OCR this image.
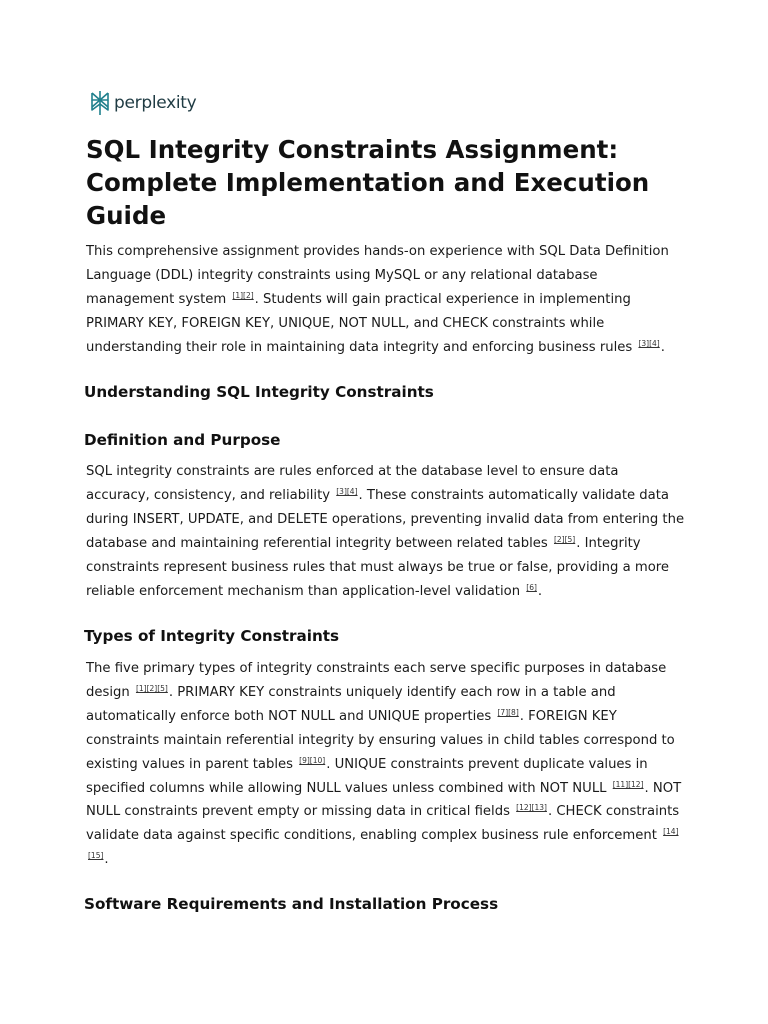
perplexity
SQL Integrity Constraints Assignment: Complete Implementation and Execution Guide

This comprehensive assignment provides hands-on experience with SQL Data Definition Language (DDL) integrity constraints using MySQL or any relational database management system [1][2]. Students will gain practical experience in implementing PRIMARY KEY, FOREIGN KEY, UNIQUE, NOT NULL, and CHECK constraints while understanding their role in maintaining data integrity and enforcing business rules [3][4].

Understanding SQL Integrity Constraints
Definition and Purpose

SQL integrity constraints are rules enforced at the database level to ensure data accuracy, consistency, and reliability [3][4]. These constraints automatically validate data during INSERT, UPDATE, and DELETE operations, preventing invalid data from entering the database and maintaining referential integrity between related tables [2][5]. Integrity constraints represent business rules that must always be true or false, providing a more reliable enforcement mechanism than application-level validation [6].

Types of Integrity Constraints

The five primary types of integrity constraints each serve specific purposes in database design [1][2][5]. PRIMARY KEY constraints uniquely identify each row in a table and automatically enforce both NOT NULL and UNIQUE properties [7][8]. FOREIGN KEY constraints maintain referential integrity by ensuring values in child tables correspond to existing values in parent tables [9][10]. UNIQUE constraints prevent duplicate values in specified columns while allowing NULL values unless combined with NOT NULL [11][12]. NOT NULL constraints prevent empty or missing data in critical fields [12][13]. CHECK constraints validate data against specific conditions, enabling complex business rule enforcement [14] [15].

Software Requirements and Installation Process
